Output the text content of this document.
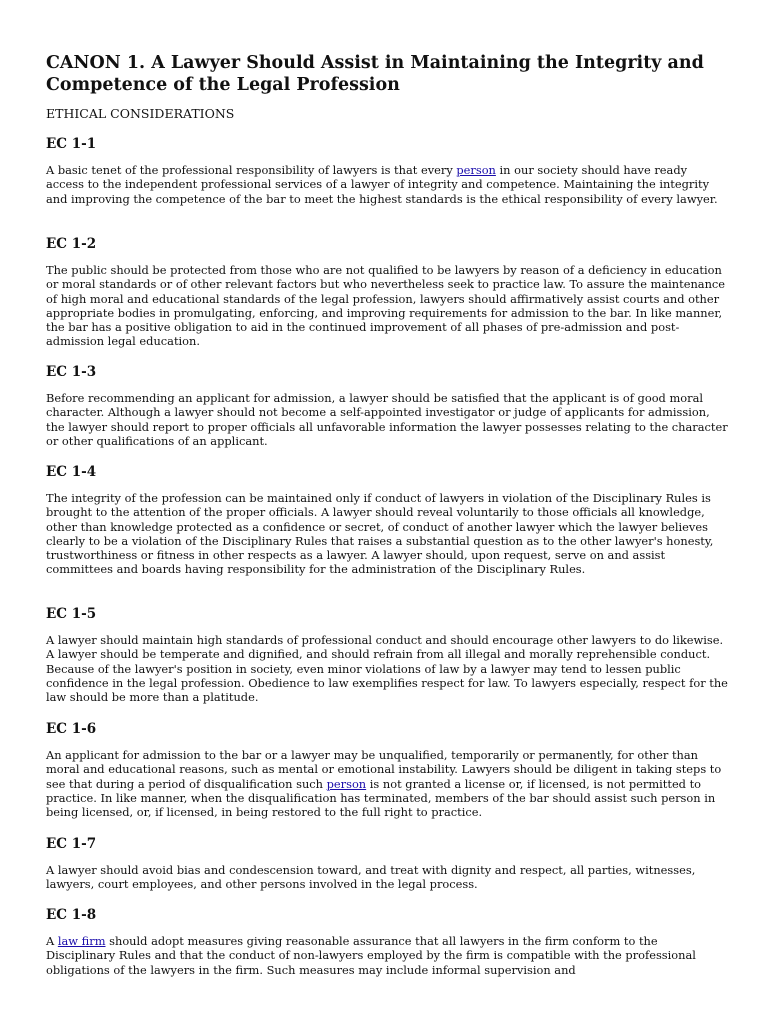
CANON 1. A Lawyer Should Assist in Maintaining the Integrity and Competence of the Legal Profession
ETHICAL CONSIDERATIONS
EC 1-1

A basic tenet of the professional responsibility of lawyers is that every person in our society should have ready access to the independent professional services of a lawyer of integrity and competence. Maintaining the integrity and improving the competence of the bar to meet the highest standards is the ethical responsibility of every lawyer.

EC 1-2

The public should be protected from those who are not qualified to be lawyers by reason of a deficiency in education or moral standards or of other relevant factors but who nevertheless seek to practice law. To assure the maintenance of high moral and educational standards of the legal profession, lawyers should affirmatively assist courts and other appropriate bodies in promulgating, enforcing, and improving requirements for admission to the bar. In like manner, the bar has a positive obligation to aid in the continued improvement of all phases of pre-admission and post-admission legal education.

EC 1-3

Before recommending an applicant for admission, a lawyer should be satisfied that the applicant is of good moral character. Although a lawyer should not become a self-appointed investigator or judge of applicants for admission, the lawyer should report to proper officials all unfavorable information the lawyer possesses relating to the character or other qualifications of an applicant.

EC 1-4

The integrity of the profession can be maintained only if conduct of lawyers in violation of the Disciplinary Rules is brought to the attention of the proper officials. A lawyer should reveal voluntarily to those officials all knowledge, other than knowledge protected as a confidence or secret, of conduct of another lawyer which the lawyer believes clearly to be a violation of the Disciplinary Rules that raises a substantial question as to the other lawyer's honesty, trustworthiness or fitness in other respects as a lawyer. A lawyer should, upon request, serve on and assist committees and boards having responsibility for the administration of the Disciplinary Rules.

EC 1-5

A lawyer should maintain high standards of professional conduct and should encourage other lawyers to do likewise. A lawyer should be temperate and dignified, and should refrain from all illegal and morally reprehensible conduct. Because of the lawyer's position in society, even minor violations of law by a lawyer may tend to lessen public confidence in the legal profession. Obedience to law exemplifies respect for law. To lawyers especially, respect for the law should be more than a platitude.

EC 1-6

An applicant for admission to the bar or a lawyer may be unqualified, temporarily or permanently, for other than moral and educational reasons, such as mental or emotional instability. Lawyers should be diligent in taking steps to see that during a period of disqualification such person is not granted a license or, if licensed, is not permitted to practice. In like manner, when the disqualification has terminated, members of the bar should assist such person in being licensed, or, if licensed, in being restored to the full right to practice.

EC 1-7

A lawyer should avoid bias and condescension toward, and treat with dignity and respect, all parties, witnesses, lawyers, court employees, and other persons involved in the legal process.

EC 1-8

A law firm should adopt measures giving reasonable assurance that all lawyers in the firm conform to the Disciplinary Rules and that the conduct of non-lawyers employed by the firm is compatible with the professional obligations of the lawyers in the firm. Such measures may include informal supervision and
